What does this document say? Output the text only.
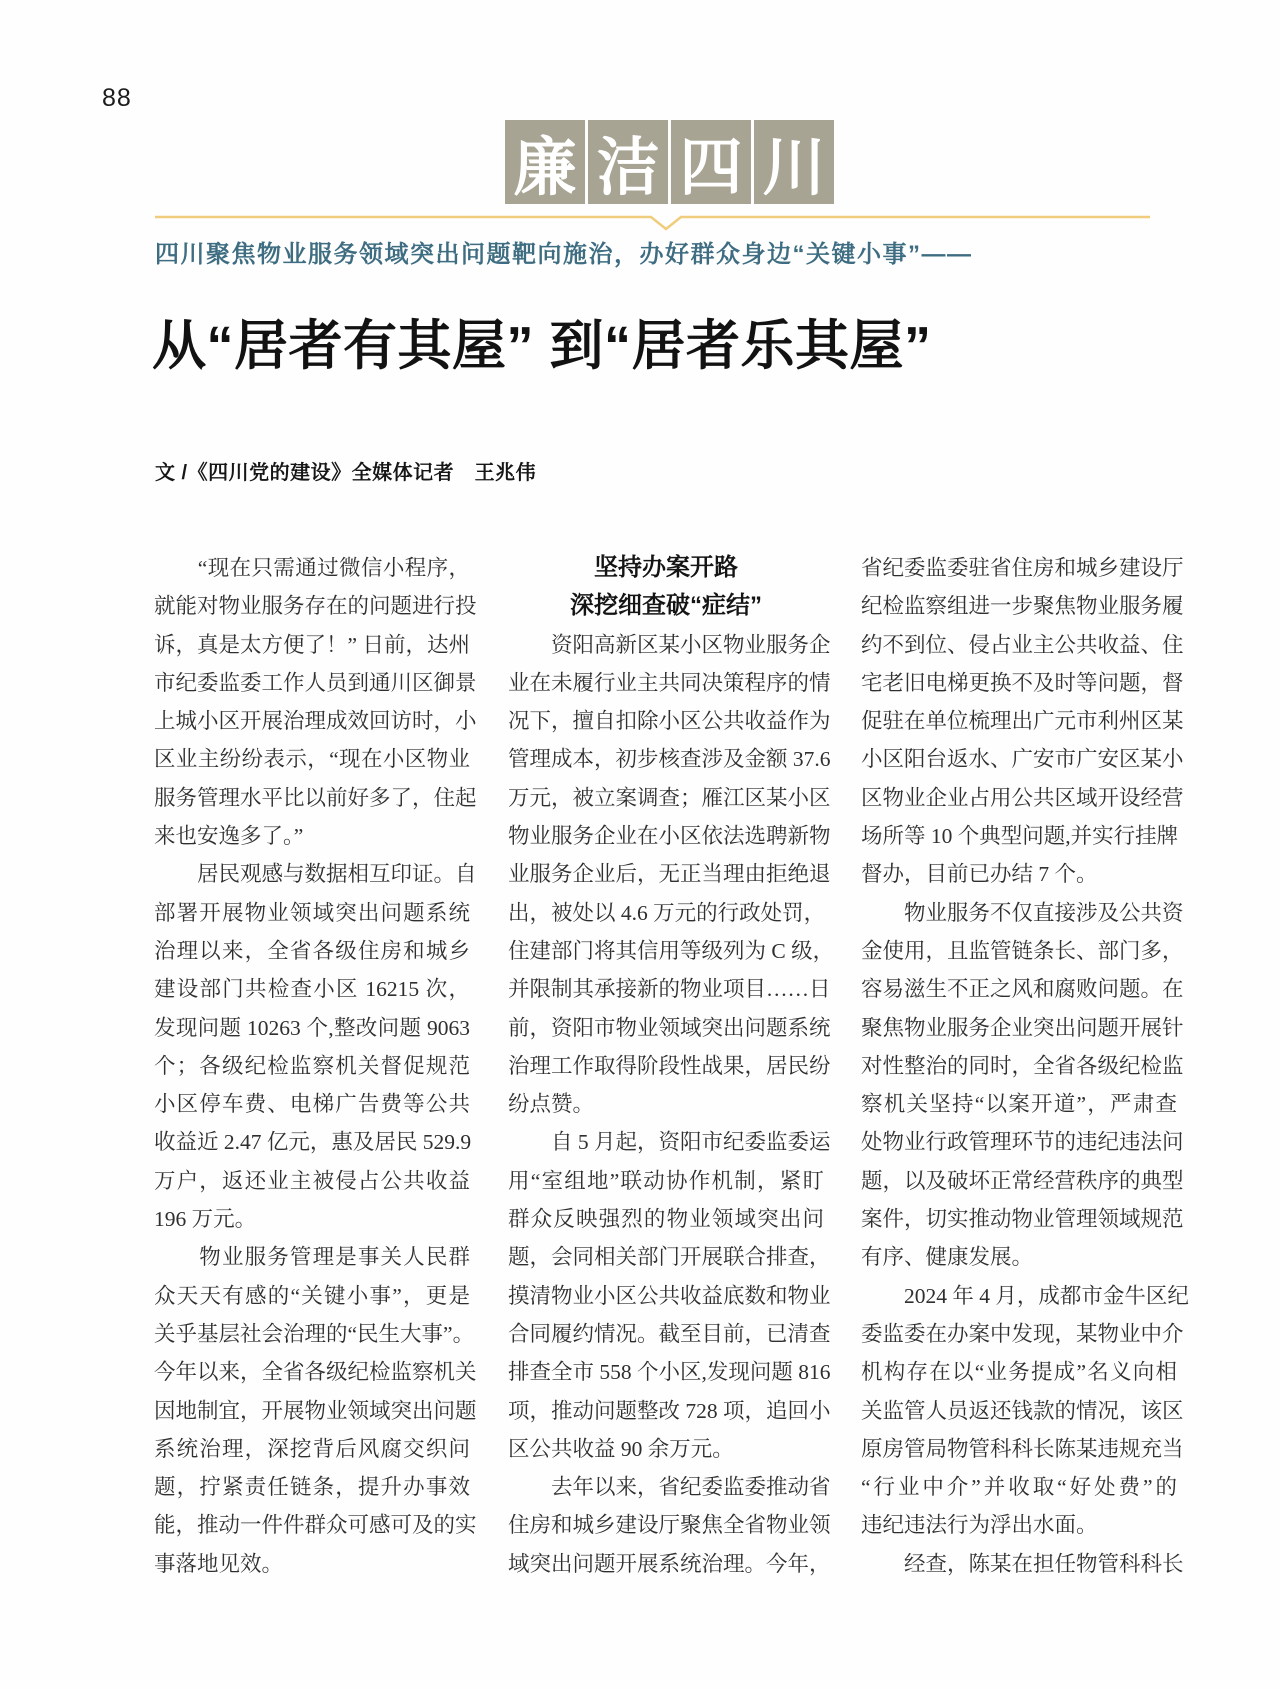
88
廉 洁 四 川
四川聚焦物业服务领域突出问题靶向施治，办好群众身边“关键小事”——
从“居者有其屋” 到“居者乐其屋”
文 /《四川党的建设》全媒体记者　王兆伟
　　“现在只需通过微信小程序，
就能对物业服务存在的问题进行投
诉，真是太方便了！” 日前，达州
市纪委监委工作人员到通川区御景
上城小区开展治理成效回访时，小
区业主纷纷表示，“现在小区物业
服务管理水平比以前好多了，住起
来也安逸多了。”
　　居民观感与数据相互印证。自
部署开展物业领域突出问题系统
治理以来，全省各级住房和城乡
建设部门共检查小区 16215 次，
发现问题 10263 个,整改问题 9063
个；各级纪检监察机关督促规范
小区停车费、电梯广告费等公共
收益近 2.47 亿元，惠及居民 529.9
万户，返还业主被侵占公共收益
196 万元。
　　物业服务管理是事关人民群
众天天有感的“关键小事”，更是
关乎基层社会治理的“民生大事”。
今年以来，全省各级纪检监察机关
因地制宜，开展物业领域突出问题
系统治理，深挖背后风腐交织问
题，拧紧责任链条，提升办事效
能，推动一件件群众可感可及的实
事落地见效。
坚持办案开路
深挖细查破“症结”
　　资阳高新区某小区物业服务企
业在未履行业主共同决策程序的情
况下，擅自扣除小区公共收益作为
管理成本，初步核查涉及金额 37.6
万元，被立案调查；雁江区某小区
物业服务企业在小区依法选聘新物
业服务企业后，无正当理由拒绝退
出，被处以 4.6 万元的行政处罚，
住建部门将其信用等级列为 C 级，
并限制其承接新的物业项目……日
前，资阳市物业领域突出问题系统
治理工作取得阶段性战果，居民纷
纷点赞。
　　自 5 月起，资阳市纪委监委运
用“室组地”联动协作机制，紧盯
群众反映强烈的物业领域突出问
题，会同相关部门开展联合排查，
摸清物业小区公共收益底数和物业
合同履约情况。截至目前，已清查
排查全市 558 个小区,发现问题 816
项，推动问题整改 728 项，追回小
区公共收益 90 余万元。
　　去年以来，省纪委监委推动省
住房和城乡建设厅聚焦全省物业领
域突出问题开展系统治理。今年，
省纪委监委驻省住房和城乡建设厅
纪检监察组进一步聚焦物业服务履
约不到位、侵占业主公共收益、住
宅老旧电梯更换不及时等问题，督
促驻在单位梳理出广元市利州区某
小区阳台返水、广安市广安区某小
区物业企业占用公共区域开设经营
场所等 10 个典型问题,并实行挂牌
督办，目前已办结 7 个。
　　物业服务不仅直接涉及公共资
金使用，且监管链条长、部门多，
容易滋生不正之风和腐败问题。在
聚焦物业服务企业突出问题开展针
对性整治的同时，全省各级纪检监
察机关坚持“以案开道”，严肃查
处物业行政管理环节的违纪违法问
题，以及破坏正常经营秩序的典型
案件，切实推动物业管理领域规范
有序、健康发展。
　　2024 年 4 月，成都市金牛区纪
委监委在办案中发现，某物业中介
机构存在以“业务提成”名义向相
关监管人员返还钱款的情况，该区
原房管局物管科科长陈某违规充当
“行业中介”并收取“好处费”的
违纪违法行为浮出水面。
　　经查，陈某在担任物管科科长
